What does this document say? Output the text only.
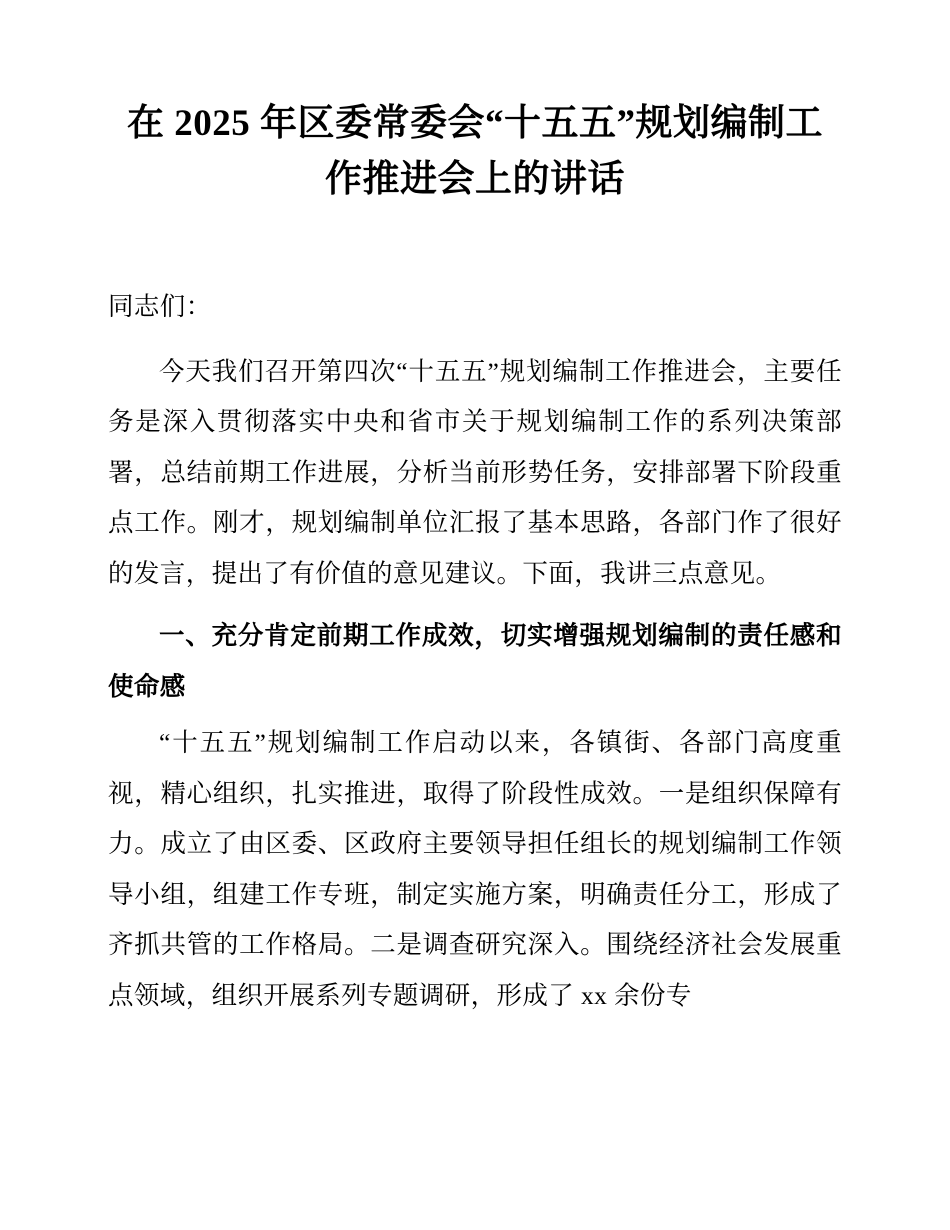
在 2025 年区委常委会“十五五”规划编制工作推进会上的讲话

同志们：

今天我们召开第四次“十五五”规划编制工作推进会，主要任务是深入贯彻落实中央和省市关于规划编制工作的系列决策部署，总结前期工作进展，分析当前形势任务，安排部署下阶段重点工作。刚才，规划编制单位汇报了基本思路，各部门作了很好的发言，提出了有价值的意见建议。下面，我讲三点意见。

一、充分肯定前期工作成效，切实增强规划编制的责任感和使命感

“十五五”规划编制工作启动以来，各镇街、各部门高度重视，精心组织，扎实推进，取得了阶段性成效。一是组织保障有力。成立了由区委、区政府主要领导担任组长的规划编制工作领导小组，组建工作专班，制定实施方案，明确责任分工，形成了齐抓共管的工作格局。二是调查研究深入。围绕经济社会发展重点领域，组织开展系列专题调研，形成了 xx 余份专
